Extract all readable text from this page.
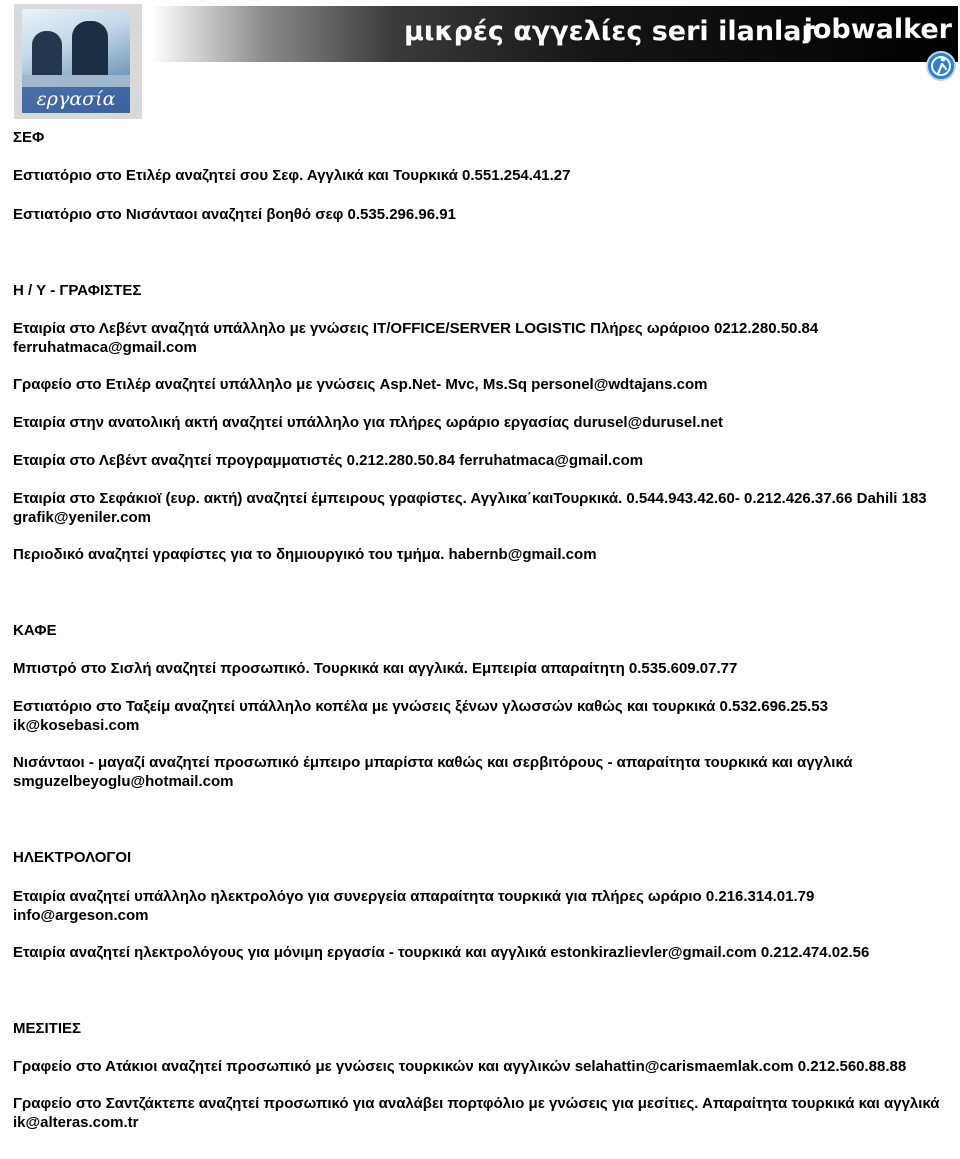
εργασία
μικρές αγγελίες seri ilanlar
jobwalker
ΣΕΦ
Εστιατόριο στο Ετιλέρ αναζητεί σου Σεφ. Αγγλικά και Τουρκικά 0.551.254.41.27
Εστιατόριο στο Νισάνταοι αναζητεί βοηθό σεφ 0.535.296.96.91
Η / Υ - ΓΡΑΦΙΣΤΕΣ
Εταιρία στο Λεβέντ αναζητά υπάλληλο με γνώσεις IT/OFFICE/SERVER LOGISTIC Πλήρες ωράριοο 0212.280.50.84 ferruhatmaca@gmail.com
Γραφείο στο Ετιλέρ αναζητεί υπάλληλο με γνώσεις Asp.Net- Mvc, Ms.Sq personel@wdtajans.com
Εταιρία στην ανατολική ακτή αναζητεί υπάλληλο για πλήρες ωράριο εργασίας durusel@durusel.net
Εταιρία στο Λεβέντ αναζητεί προγραμματιστές 0.212.280.50.84 ferruhatmaca@gmail.com
Εταιρία στο Σεφάκιοϊ (ευρ. ακτή) αναζητεί έμπειρους γραφίστες. Αγγλικα΄καιΤουρκικά. 0.544.943.42.60- 0.212.426.37.66 Dahili 183 grafik@yeniler.com
Περιοδικό αναζητεί γραφίστες για το δημιουργικό του τμήμα. habernb@gmail.com
ΚΑΦΕ
Μπιστρό στο Σισλή αναζητεί προσωπικό. Τουρκικά και αγγλικά. Εμπειρία απαραίτητη 0.535.609.07.77
Εστιατόριο στο Ταξείμ αναζητεί υπάλληλο κοπέλα με γνώσεις ξένων γλωσσών καθώς και τουρκικά 0.532.696.25.53 ik@kosebasi.com
Νισάνταοι - μαγαζί αναζητεί προσωπικό έμπειρο μπαρίστα καθώς και σερβιτόρους - απαραίτητα τουρκικά και αγγλικά smguzelbeyoglu@hotmail.com
ΗΛΕΚΤΡΟΛΟΓΟΙ
Εταιρία αναζητεί υπάλληλο ηλεκτρολόγο για συνεργεία απαραίτητα τουρκικά για πλήρες ωράριο 0.216.314.01.79 info@argeson.com
Εταιρία αναζητεί ηλεκτρολόγους για μόνιμη εργασία - τουρκικά και αγγλικά estonkirazlievler@gmail.com 0.212.474.02.56
ΜΕΣΙΤΙΕΣ
Γραφείο στο Ατάκιοι αναζητεί προσωπικό με γνώσεις τουρκικών και αγγλικών selahattin@carismaemlak.com 0.212.560.88.88
Γραφείο στο Σαντζάκτεπε αναζητεί προσωπικό για αναλάβει πορτφόλιο με γνώσεις για μεσίτιες. Απαραίτητα τουρκικά και αγγλικά ik@alteras.com.tr
